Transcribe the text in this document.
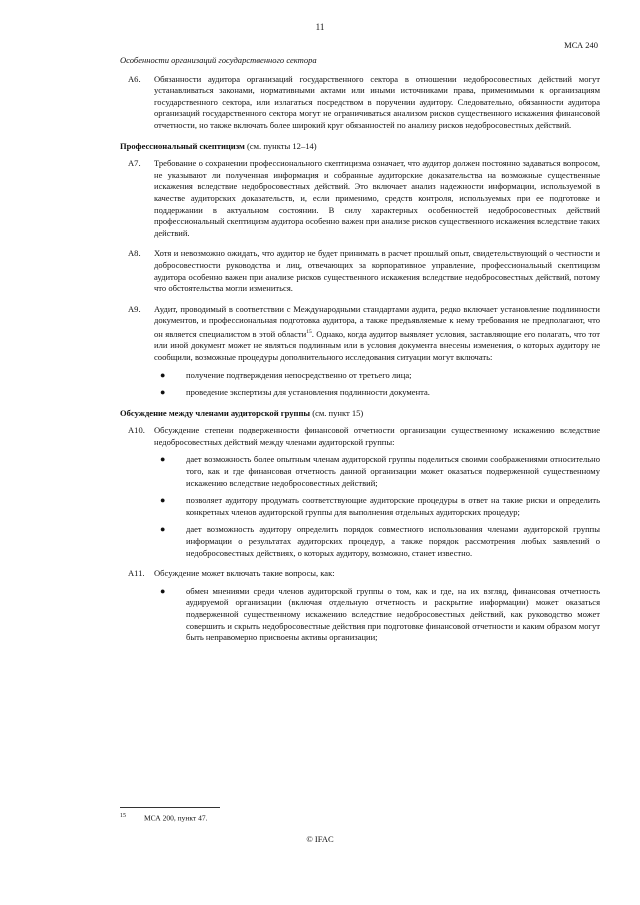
11
МСА 240
Особенности организаций государственного сектора
A6. Обязанности аудитора организаций государственного сектора в отношении недобросовестных действий могут устанавливаться законами, нормативными актами или иными источниками права, применимыми к организациям государственного сектора, или излагаться посредством в поручении аудитору. Следовательно, обязанности аудитора организаций государственного сектора могут не ограничиваться анализом рисков существенного искажения финансовой отчетности, но также включать более широкий круг обязанностей по анализу рисков недобросовестных действий.
Профессиональный скептицизм (см. пункты 12–14)
A7. Требование о сохранении профессионального скептицизма означает, что аудитор должен постоянно задаваться вопросом, не указывают ли полученная информация и собранные аудиторские доказательства на возможные существенные искажения вследствие недобросовестных действий. Это включает анализ надежности информации, используемой в качестве аудиторских доказательств, и, если применимо, средств контроля, используемых при ее подготовке и поддержании в актуальном состоянии. В силу характерных особенностей недобросовестных действий профессиональный скептицизм аудитора особенно важен при анализе рисков существенного искажения вследствие таких действий.
A8. Хотя и невозможно ожидать, что аудитор не будет принимать в расчет прошлый опыт, свидетельствующий о честности и добросовестности руководства и лиц, отвечающих за корпоративное управление, профессиональный скептицизм аудитора особенно важен при анализе рисков существенного искажения вследствие недобросовестных действий, потому что обстоятельства могли измениться.
A9. Аудит, проводимый в соответствии с Международными стандартами аудита, редко включает установление подлинности документов, и профессиональная подготовка аудитора, а также предъявляемые к нему требования не предполагают, что он является специалистом в этой области$^{15}$. Однако, когда аудитор выявляет условия, заставляющие его полагать, что тот или иной документ может не являться подлинным или в условия документа внесены изменения, о которых аудитору не сообщили, возможные процедуры дополнительного исследования ситуации могут включать:
● получение подтверждения непосредственно от третьего лица;
● проведение экспертизы для установления подлинности документа.
Обсуждение между членами аудиторской группы (см. пункт 15)
A10. Обсуждение степени подверженности финансовой отчетности организации существенному искажению вследствие недобросовестных действий между членами аудиторской группы:
● дает возможность более опытным членам аудиторской группы поделиться своими соображениями относительно того, как и где финансовая отчетность данной организации может оказаться подверженной существенному искажению вследствие недобросовестных действий;
● позволяет аудитору продумать соответствующие аудиторские процедуры в ответ на такие риски и определить конкретных членов аудиторской группы для выполнения отдельных аудиторских процедур;
● дает возможность аудитору определить порядок совместного использования членами аудиторской группы информации о результатах аудиторских процедур, а также порядок рассмотрения любых заявлений о недобросовестных действиях, о которых аудитору, возможно, станет известно.
A11. Обсуждение может включать такие вопросы, как:
● обмен мнениями среди членов аудиторской группы о том, как и где, на их взгляд, финансовая отчетность аудируемой организации (включая отдельную отчетность и раскрытие информации) может оказаться подверженной существенному искажению вследствие недобросовестных действий, как руководство может совершить и скрыть недобросовестные действия при подготовке финансовой отчетности и каким образом могут быть неправомерно присвоены активы организации;
15 МСА 200, пункт 47.
© IFAC
